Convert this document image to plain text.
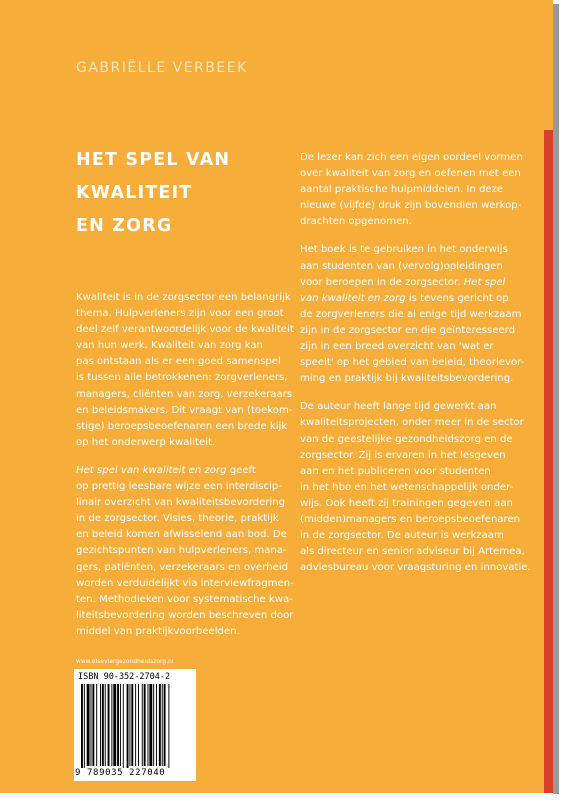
GABRIËLLE VERBEEK
HET SPEL VAN
KWALITEIT
EN ZORG
Kwaliteit is in de zorgsector een belangrijk
thema. Hulpverleners zijn voor een groot
deel zelf verantwoordelijk voor de kwaliteit
van hun werk. Kwaliteit van zorg kan
pas ontstaan als er een goed samenspel
is tussen alle betrokkenen: zorgverleners,
managers, cliënten van zorg, verzekeraars
en beleidsmakers. Dit vraagt van (toekom-
stige) beroepsbeoefenaren een brede kijk
op het onderwerp kwaliteit.
Het spel van kwaliteit en zorg geeft
op prettig leesbare wijze een interdiscip-
linair overzicht van kwaliteitsbevordering
in de zorgsector. Visies, theorie, praktijk
en beleid komen afwisselend aan bod. De
gezichtspunten van hulpverleners, mana-
gers, patiënten, verzekeraars en overheid
worden verduidelijkt via interviewfragmen-
ten. Methodieken voor systematische kwa-
liteitsbevordering worden beschreven door
middel van praktijkvoorbeelden.
De lezer kan zich een eigen oordeel vormen
over kwaliteit van zorg en oefenen met een
aantal praktische hulpmiddelen. In deze
nieuwe (vijfde) druk zijn bovendien werkop-
drachten opgenomen.
Het boek is te gebruiken in het onderwijs
aan studenten van (vervolg)opleidingen
voor beroepen in de zorgsector. Het spel
van kwaliteit en zorg is tevens gericht op
de zorgverleners die al enige tijd werkzaam
zijn in de zorgsector en die geïnteresseerd
zijn in een breed overzicht van 'wat er
speelt' op het gebied van beleid, theorievor-
ming en praktijk bij kwaliteitsbevordering.
De auteur heeft lange tijd gewerkt aan
kwaliteitsprojecten, onder meer in de sector
van de geestelijke gezondheidszorg en de
zorgsector. Zij is ervaren in het lesgeven
aan en het publiceren voor studenten
in het hbo en het wetenschappelijk onder-
wijs. Ook heeft zij trainingen gegeven aan
(midden)managers en beroepsbeoefenaren
in de zorgsector. De auteur is werkzaam
als directeur en senior adviseur bij Artemea,
adviesbureau voor vraagsturing en innovatie.
www.elseviergezondheidszorg.nl
ISBN 90-352-2704-2
9 789035 227040
